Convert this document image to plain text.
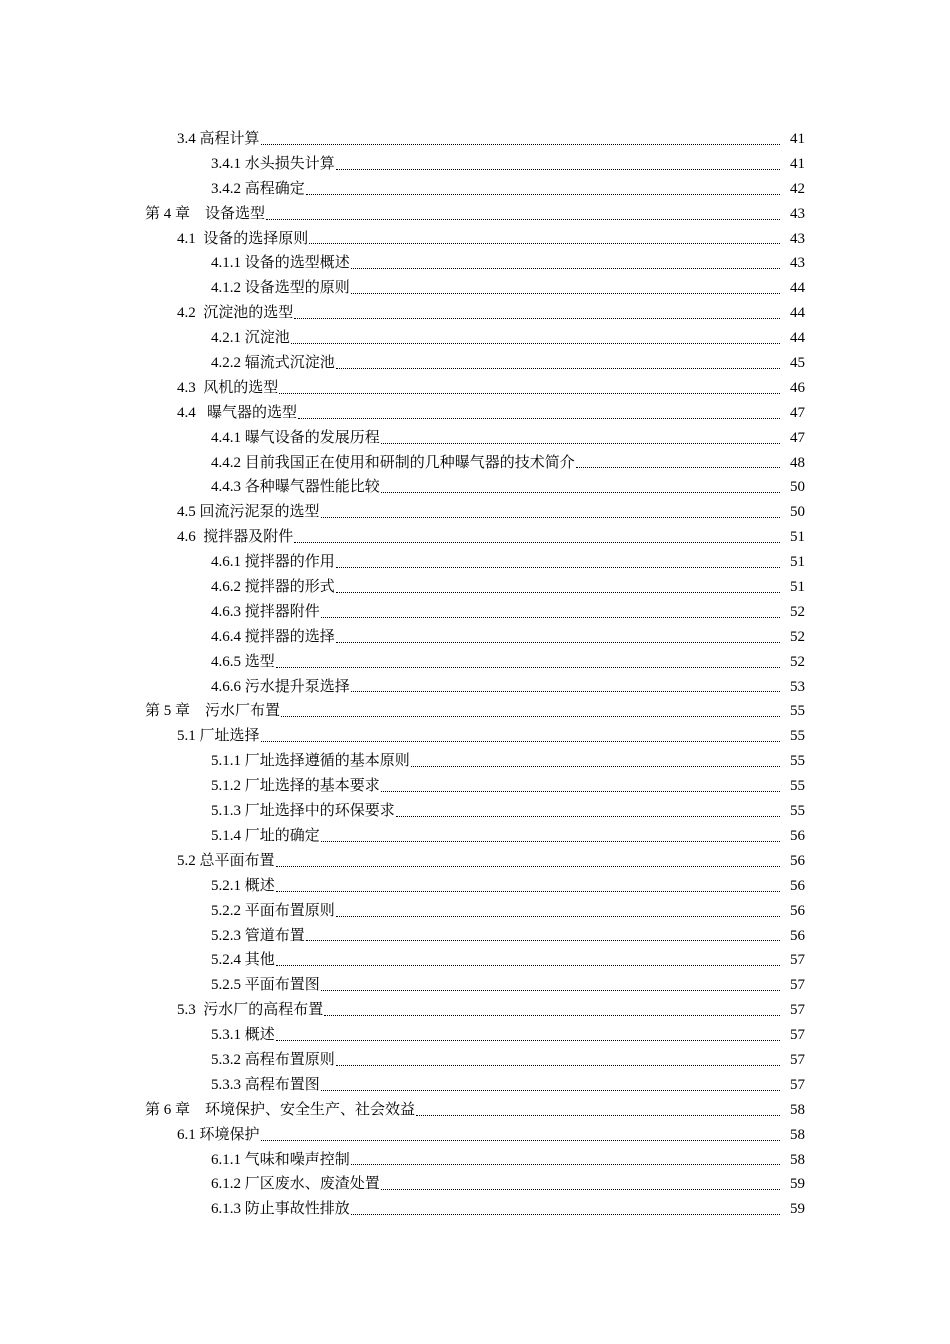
3.4 高程计算	41
3.4.1 水头损失计算	41
3.4.2 高程确定	42
第 4 章　设备选型	43
4.1  设备的选择原则	43
4.1.1 设备的选型概述	43
4.1.2 设备选型的原则	44
4.2  沉淀池的选型	44
4.2.1 沉淀池	44
4.2.2 辐流式沉淀池	45
4.3  风机的选型	46
4.4   曝气器的选型	47
4.4.1 曝气设备的发展历程	47
4.4.2 目前我国正在使用和研制的几种曝气器的技术简介	48
4.4.3 各种曝气器性能比较	50
4.5 回流污泥泵的选型	50
4.6  搅拌器及附件	51
4.6.1 搅拌器的作用	51
4.6.2 搅拌器的形式	51
4.6.3 搅拌器附件	52
4.6.4 搅拌器的选择	52
4.6.5 选型	52
4.6.6 污水提升泵选择	53
第 5 章　污水厂布置	55
5.1 厂址选择	55
5.1.1 厂址选择遵循的基本原则	55
5.1.2 厂址选择的基本要求	55
5.1.3 厂址选择中的环保要求	55
5.1.4 厂址的确定	56
5.2 总平面布置	56
5.2.1 概述	56
5.2.2 平面布置原则	56
5.2.3 管道布置	56
5.2.4 其他	57
5.2.5 平面布置图	57
5.3  污水厂的高程布置	57
5.3.1 概述	57
5.3.2 高程布置原则	57
5.3.3 高程布置图	57
第 6 章　环境保护、安全生产、社会效益	58
6.1 环境保护	58
6.1.1 气味和噪声控制	58
6.1.2 厂区废水、废渣处置	59
6.1.3 防止事故性排放	59
